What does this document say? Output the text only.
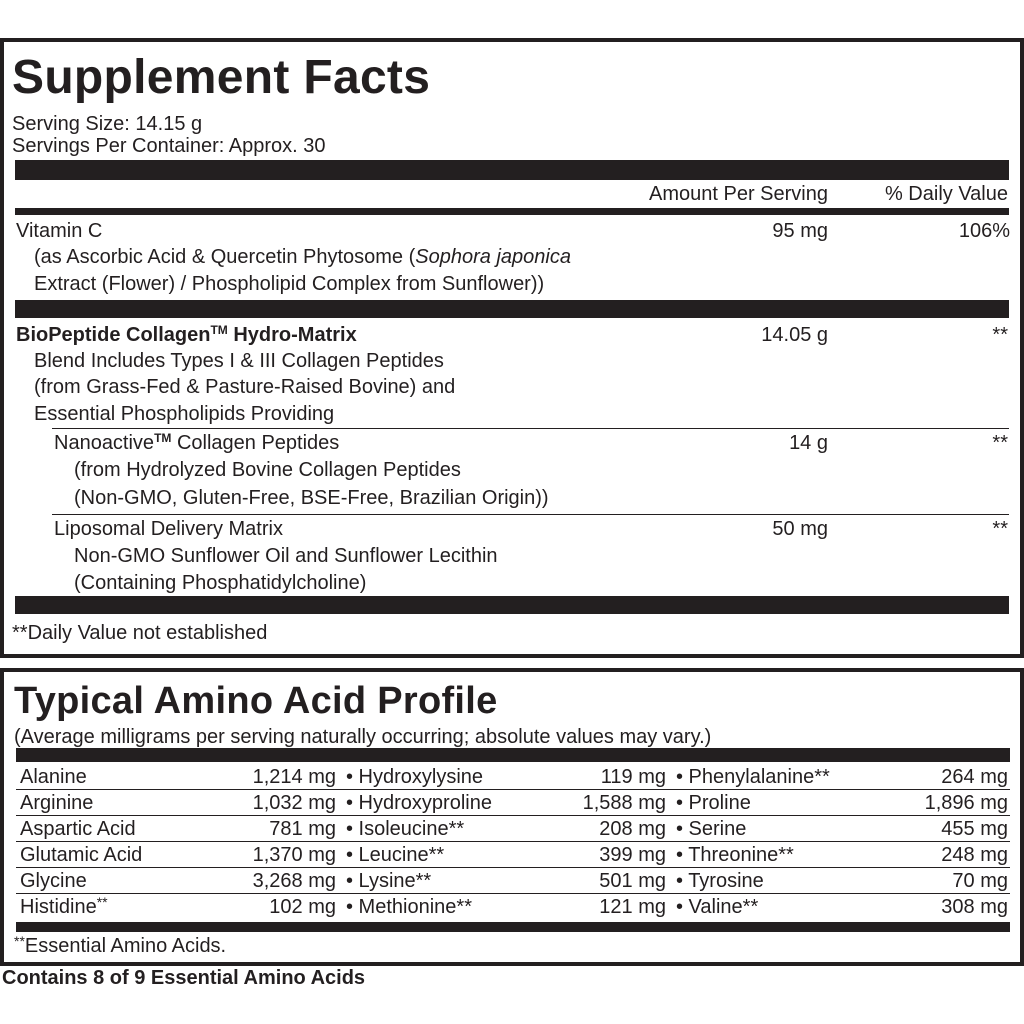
Supplement Facts
Serving Size: 14.15 g
Servings Per Container: Approx. 30
Amount Per Serving	% Daily Value
Vitamin C
(as Ascorbic Acid & Quercetin Phytosome (Sophora japonica
Extract (Flower) / Phospholipid Complex from Sunflower))
95 mg	106%
BioPeptide Collagen™ Hydro-Matrix
Blend Includes Types I & III Collagen Peptides
(from Grass-Fed & Pasture-Raised Bovine) and
Essential Phospholipids Providing
14.05 g	**
Nanoactive™ Collagen Peptides
(from Hydrolyzed Bovine Collagen Peptides
(Non-GMO, Gluten-Free, BSE-Free, Brazilian Origin))
14 g	**
Liposomal Delivery Matrix
Non-GMO Sunflower Oil and Sunflower Lecithin
(Containing Phosphatidylcholine)
50 mg	**
**Daily Value not established
Typical Amino Acid Profile
(Average milligrams per serving naturally occurring; absolute values may vary.)
Alanine	1,214 mg • Hydroxylysine	119 mg • Phenylalanine**	264 mg
Arginine	1,032 mg • Hydroxyproline	1,588 mg • Proline	1,896 mg
Aspartic Acid	781 mg • Isoleucine**	208 mg • Serine	455 mg
Glutamic Acid	1,370 mg • Leucine**	399 mg • Threonine**	248 mg
Glycine	3,268 mg • Lysine**	501 mg • Tyrosine	70 mg
Histidine**	102 mg • Methionine**	121 mg • Valine**	308 mg
**Essential Amino Acids.
Contains 8 of 9 Essential Amino Acids
